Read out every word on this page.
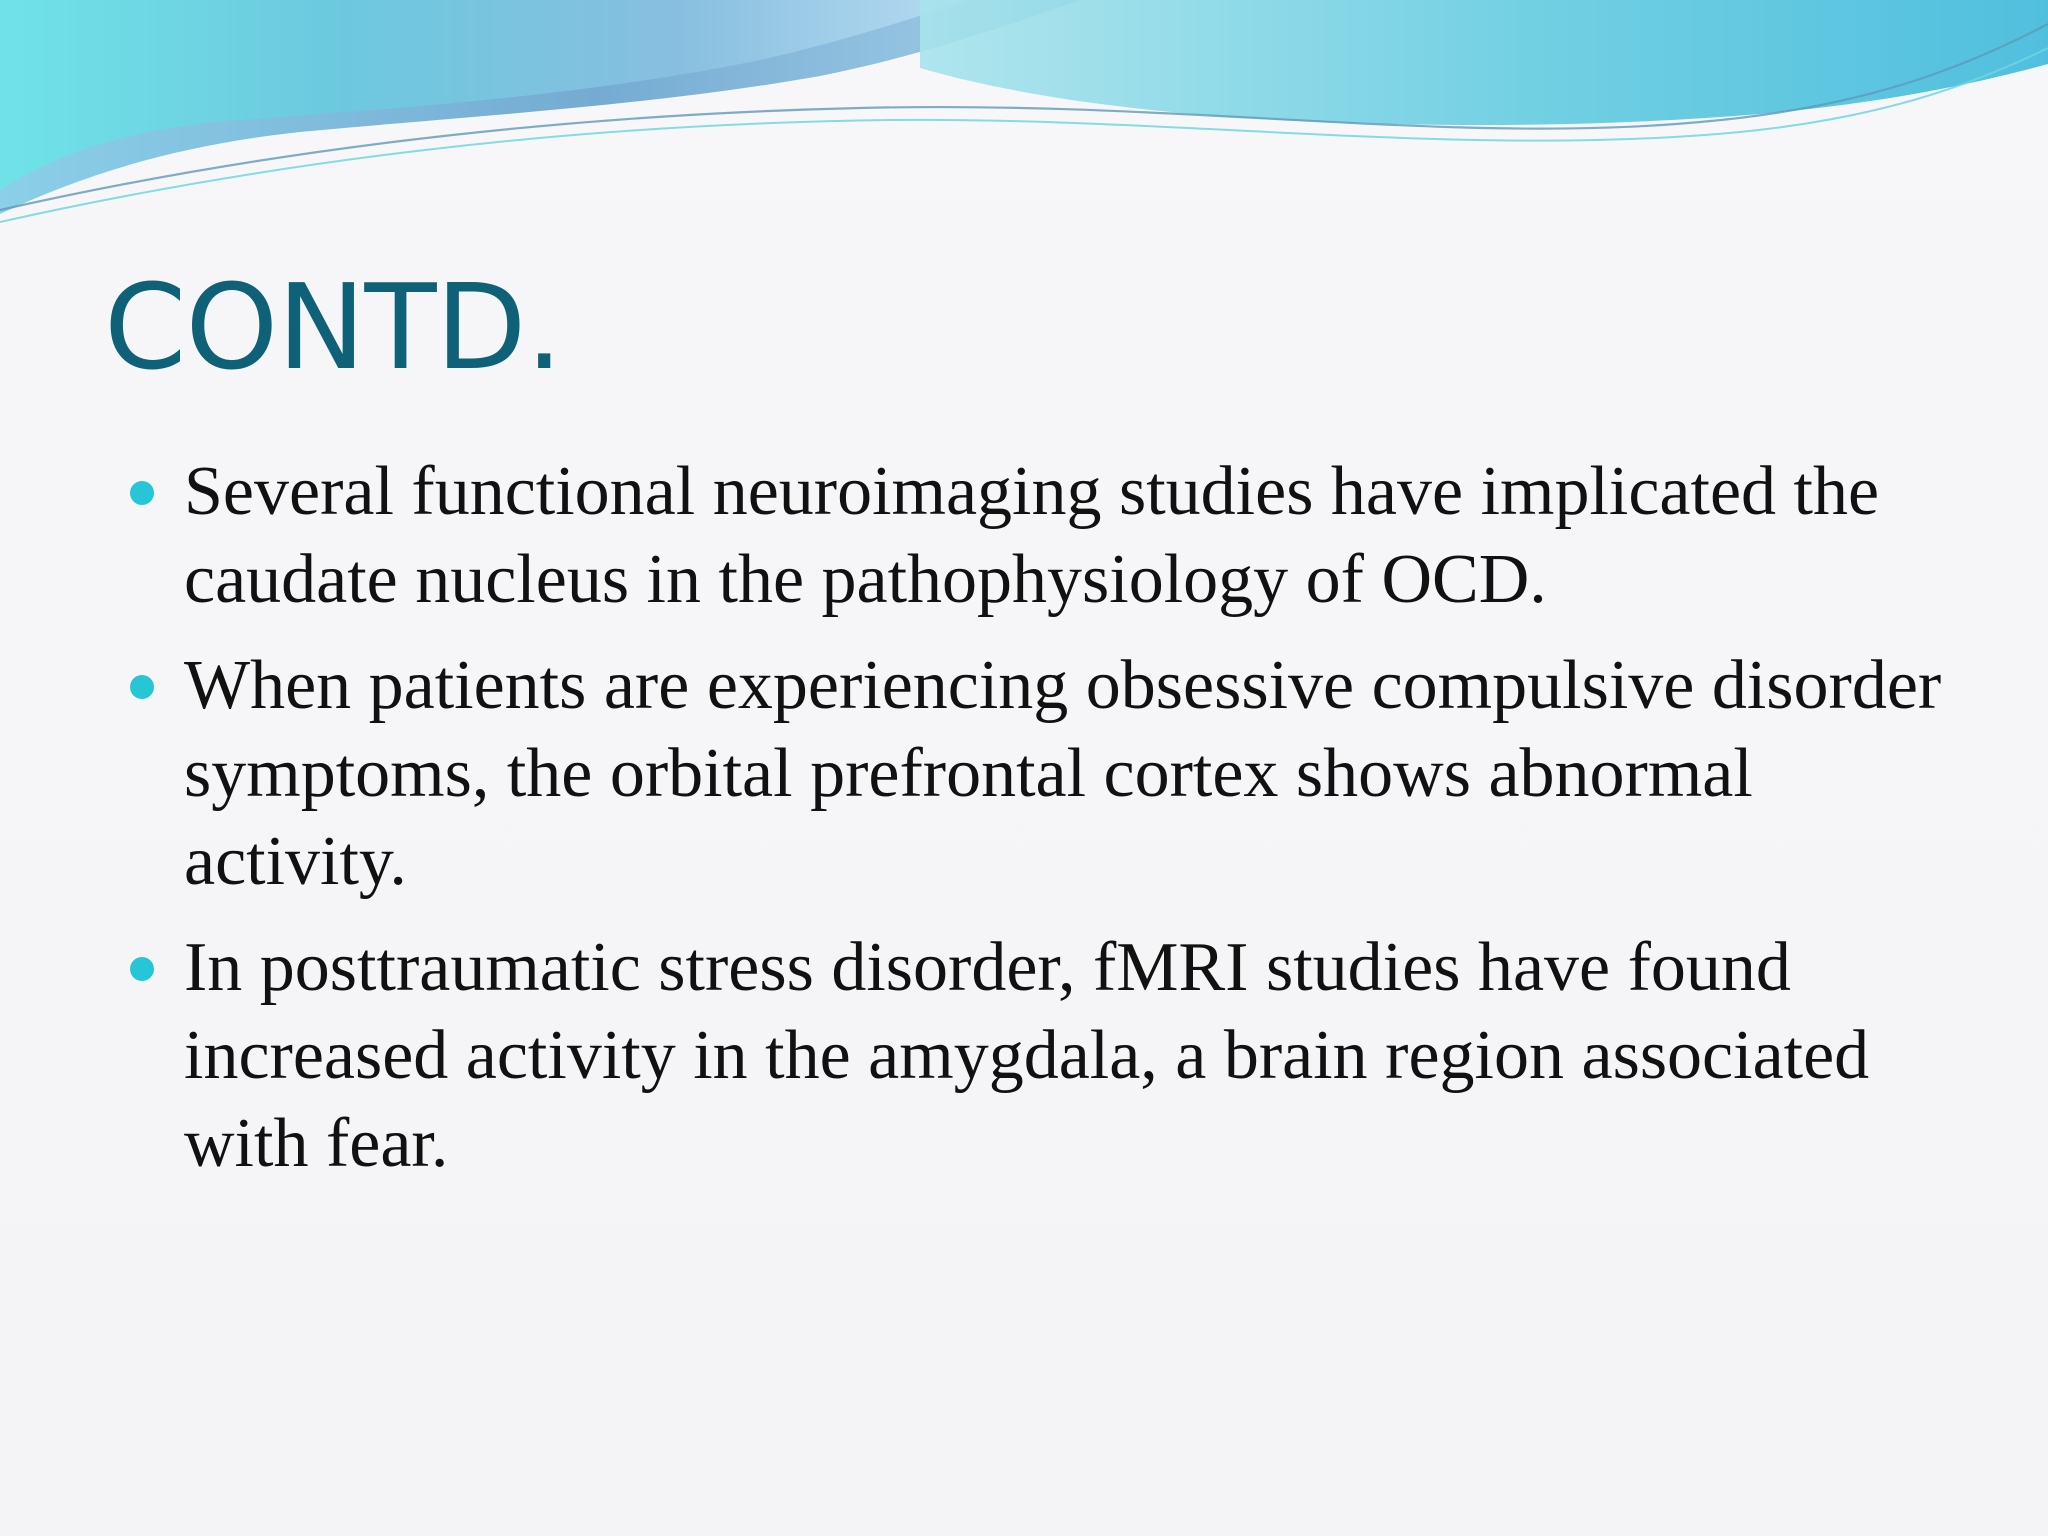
CONTD.
Several functional neuroimaging studies have implicated the caudate nucleus in the pathophysiology of OCD.
When patients are experiencing obsessive compulsive disorder symptoms, the orbital prefrontal cortex shows abnormal activity.
In posttraumatic stress disorder, fMRI studies have found increased activity in the amygdala, a brain region associated with fear.
